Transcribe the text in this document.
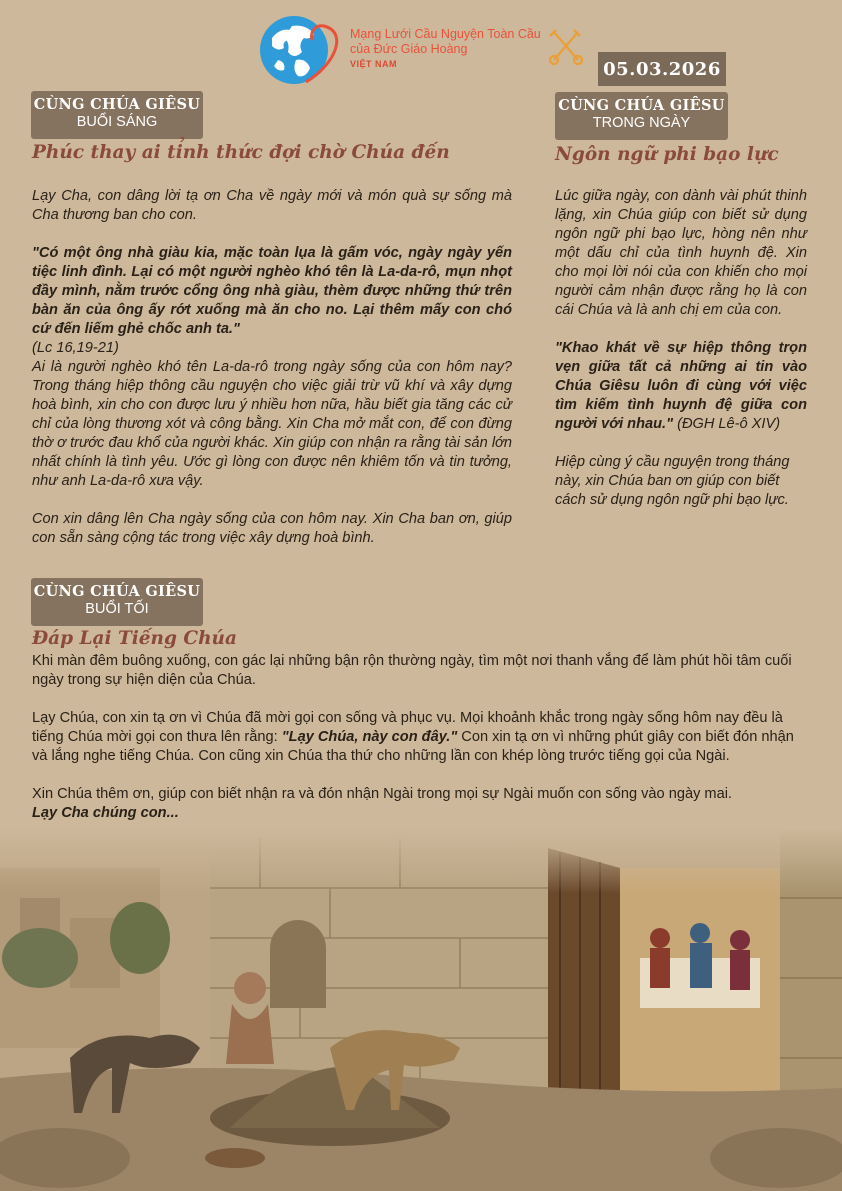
Mạng Lưới Cầu Nguyện Toàn Cầu
của Đức Giáo Hoàng
VIỆT NAM	05.03.2026
CÙNG CHÚA GIÊSU
BUỔI SÁNG
Phúc thay ai tỉnh thức đợi chờ Chúa đến

Lạy Cha, con dâng lời tạ ơn Cha về ngày mới và món quà sự sống mà Cha thương ban cho con.

"Có một ông nhà giàu kia, mặc toàn lụa là gấm vóc, ngày ngày yến tiệc linh đình. Lại có một người nghèo khó tên là La-da-rô, mụn nhọt đầy mình, nằm trước cổng ông nhà giàu, thèm được những thứ trên bàn ăn của ông ấy rớt xuống mà ăn cho no. Lại thêm mấy con chó cứ đến liếm ghẻ chốc anh ta."

(Lc 16,19-21)

Ai là người nghèo khó tên La-da-rô trong ngày sống của con hôm nay? Trong tháng hiệp thông cầu nguyện cho việc giải trừ vũ khí và xây dựng hoà bình, xin cho con được lưu ý nhiều hơn nữa, hầu biết gia tăng các cử chỉ của lòng thương xót và công bằng. Xin Cha mở mắt con, để con đừng thờ ơ trước đau khổ của người khác. Xin giúp con nhận ra rằng tài sản lớn nhất chính là tình yêu. Ước gì lòng con được nên khiêm tốn và tin tưởng, như anh La-da-rô xưa vậy.

Con xin dâng lên Cha ngày sống của con hôm nay. Xin Cha ban ơn, giúp con sẵn sàng cộng tác trong việc xây dựng hoà bình.

CÙNG CHÚA GIÊSU
TRONG NGÀY
Ngôn ngữ phi bạo lực

Lúc giữa ngày, con dành vài phút thinh lặng, xin Chúa giúp con biết sử dụng ngôn ngữ phi bạo lực, hòng nên như một dấu chỉ của tình huynh đệ. Xin cho mọi lời nói của con khiến cho mọi người cảm nhận được rằng họ là con cái Chúa và là anh chị em của con.

"Khao khát về sự hiệp thông trọn vẹn giữa tất cả những ai tin vào Chúa Giêsu luôn đi cùng với việc tìm kiếm tình huynh đệ giữa con người với nhau." (ĐGH Lê-ô XIV)

Hiệp cùng ý cầu nguyện trong tháng này, xin Chúa ban ơn giúp con biết cách sử dụng ngôn ngữ phi bạo lực.

CÙNG CHÚA GIÊSU
BUỔI TỐI
Đáp Lại Tiếng Chúa

Khi màn đêm buông xuống, con gác lại những bận rộn thường ngày, tìm một nơi thanh vắng để làm phút hồi tâm cuối ngày trong sự hiện diện của Chúa.

Lạy Chúa, con xin tạ ơn vì Chúa đã mời gọi con sống và phục vụ. Mọi khoảnh khắc trong ngày sống hôm nay đều là tiếng Chúa mời gọi con thưa lên rằng: "Lạy Chúa, này con đây." Con xin tạ ơn vì những phút giây con biết đón nhận và lắng nghe tiếng Chúa. Con cũng xin Chúa tha thứ cho những lần con khép lòng trước tiếng gọi của Ngài.

Xin Chúa thêm ơn, giúp con biết nhận ra và đón nhận Ngài trong mọi sự Ngài muốn con sống vào ngày mai.

Lạy Cha chúng con...
